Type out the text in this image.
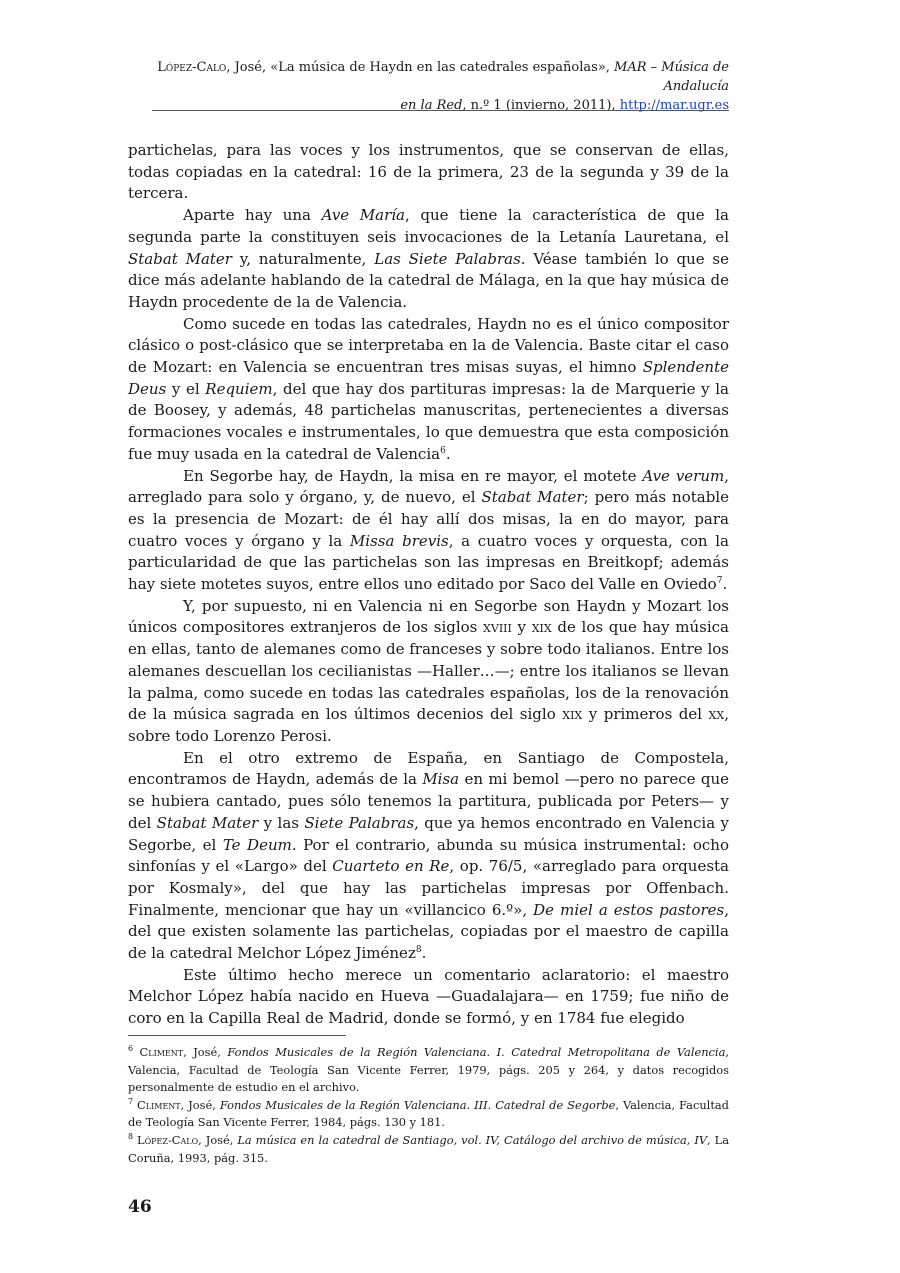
López-Calo, José, «La música de Haydn en las catedrales españolas», MAR – Música de Andalucía
en la Red, n.º 1 (invierno, 2011), http://mar.ugr.es

partichelas, para las voces y los instrumentos, que se conservan de ellas, todas copiadas en la catedral: 16 de la primera, 23 de la segunda y 39 de la tercera.

Aparte hay una Ave María, que tiene la característica de que la segunda parte la constituyen seis invocaciones de la Letanía Lauretana, el Stabat Mater y, naturalmente, Las Siete Palabras. Véase también lo que se dice más adelante hablando de la catedral de Málaga, en la que hay música de Haydn procedente de la de Valencia.

Como sucede en todas las catedrales, Haydn no es el único compositor clásico o post-clásico que se interpretaba en la de Valencia. Baste citar el caso de Mozart: en Valencia se encuentran tres misas suyas, el himno Splendente Deus y el Requiem, del que hay dos partituras impresas: la de Marquerie y la de Boosey, y además, 48 partichelas manuscritas, pertenecientes a diversas formaciones vocales e instrumentales, lo que demuestra que esta composición fue muy usada en la catedral de Valencia$^6$.

En Segorbe hay, de Haydn, la misa en re mayor, el motete Ave verum, arreglado para solo y órgano, y, de nuevo, el Stabat Mater; pero más notable es la presencia de Mozart: de él hay allí dos misas, la en do mayor, para cuatro voces y órgano y la Missa brevis, a cuatro voces y orquesta, con la particularidad de que las partichelas son las impresas en Breitkopf; además hay siete motetes suyos, entre ellos uno editado por Saco del Valle en Oviedo$^7$.

Y, por supuesto, ni en Valencia ni en Segorbe son Haydn y Mozart los únicos compositores extranjeros de los siglos xviii y xix de los que hay música en ellas, tanto de alemanes como de franceses y sobre todo italianos. Entre los alemanes descuellan los cecilianistas —Haller…—; entre los italianos se llevan la palma, como sucede en todas las catedrales españolas, los de la renovación de la música sagrada en los últimos decenios del siglo xix y primeros del xx, sobre todo Lorenzo Perosi.

En el otro extremo de España, en Santiago de Compostela, encontramos de Haydn, además de la Misa en mi bemol —pero no parece que se hubiera cantado, pues sólo tenemos la partitura, publicada por Peters— y del Stabat Mater y las Siete Palabras, que ya hemos encontrado en Valencia y Segorbe, el Te Deum. Por el contrario, abunda su música instrumental: ocho sinfonías y el «Largo» del Cuarteto en Re, op. 76/5, «arreglado para orquesta por Kosmaly», del que hay las partichelas impresas por Offenbach. Finalmente, mencionar que hay un «villancico 6.º», De miel a estos pastores, del que existen solamente las partichelas, copiadas por el maestro de capilla de la catedral Melchor López Jiménez$^8$.

Este último hecho merece un comentario aclaratorio: el maestro Melchor López había nacido en Hueva —Guadalajara— en 1759; fue niño de coro en la Capilla Real de Madrid, donde se formó, y en 1784 fue elegido

$^6$ Climent, José, Fondos Musicales de la Región Valenciana. I. Catedral Metropolitana de Valencia, Valencia, Facultad de Teología San Vicente Ferrer, 1979, págs. 205 y 264, y datos recogidos personalmente de estudio en el archivo.

$^7$ Climent, José, Fondos Musicales de la Región Valenciana. III. Catedral de Segorbe, Valencia, Facultad de Teología San Vicente Ferrer, 1984, págs. 130 y 181.

$^8$ López-Calo, José, La música en la catedral de Santiago, vol. IV, Catálogo del archivo de música, IV, La Coruña, 1993, pág. 315.

46
